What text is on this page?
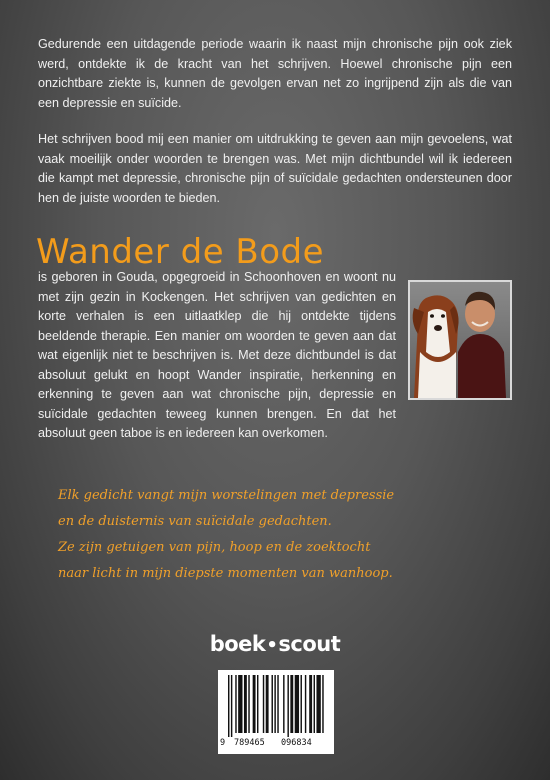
Gedurende een uitdagende periode waarin ik naast mijn chronische pijn ook ziek werd, ontdekte ik de kracht van het schrijven. Hoewel chronische pijn een onzichtbare ziekte is, kunnen de gevolgen ervan net zo ingrijpend zijn als die van een depressie en suïcide.

Het schrijven bood mij een manier om uitdrukking te geven aan mijn gevoelens, wat vaak moeilijk onder woorden te brengen was. Met mijn dichtbundel wil ik iedereen die kampt met depressie, chronische pijn of suïcidale gedachten ondersteunen door hen de juiste woorden te bieden.

Wander de Bode
is geboren in Gouda, opgegroeid in Schoonhoven en woont nu met zijn gezin in Kockengen. Het schrijven van gedichten en korte verhalen is een uitlaatklep die hij ontdekte tijdens beeldende therapie. Een manier om woorden te geven aan dat wat eigenlijk niet te beschrijven is. Met deze dichtbundel is dat absoluut gelukt en hoopt Wander inspiratie, herkenning en erkenning te geven aan wat chronische pijn, depressie en suïcidale gedachten teweeg kunnen brengen. En dat het absoluut geen taboe is en iedereen kan overkomen.

Elk gedicht vangt mijn worstelingen met depressie
en de duisternis van suïcidale gedachten.
Ze zijn getuigen van pijn, hoop en de zoektocht
naar licht in mijn diepste momenten van wanhoop.

boek•scout
9 789465 096834
